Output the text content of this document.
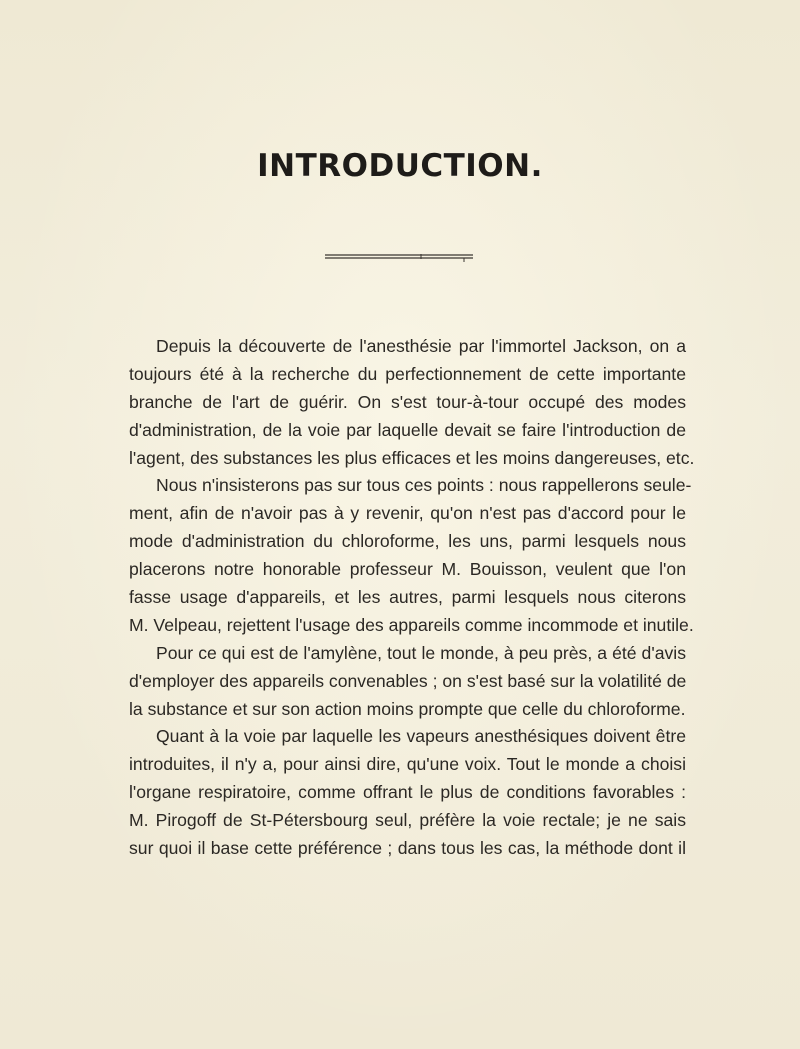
INTRODUCTION.

Depuis la découverte de l'anesthésie par l'immortel Jackson, on a
toujours été à la recherche du perfectionnement de cette importante
branche de l'art de guérir. On s'est tour-à-tour occupé des modes
d'administration, de la voie par laquelle devait se faire l'introduction de
l'agent, des substances les plus efficaces et les moins dangereuses, etc.

Nous n'insisterons pas sur tous ces points : nous rappellerons seule-
ment, afin de n'avoir pas à y revenir, qu'on n'est pas d'accord pour le
mode d'administration du chloroforme, les uns, parmi lesquels nous
placerons notre honorable professeur M. Bouisson, veulent que l'on
fasse usage d'appareils, et les autres, parmi lesquels nous citerons
M. Velpeau, rejettent l'usage des appareils comme incommode et inutile.

Pour ce qui est de l'amylène, tout le monde, à peu près, a été d'avis
d'employer des appareils convenables ; on s'est basé sur la volatilité de
la substance et sur son action moins prompte que celle du chloroforme.

Quant à la voie par laquelle les vapeurs anesthésiques doivent être
introduites, il n'y a, pour ainsi dire, qu'une voix. Tout le monde a choisi
l'organe respiratoire, comme offrant le plus de conditions favorables :
M. Pirogoff de St-Pétersbourg seul, préfère la voie rectale; je ne sais
sur quoi il base cette préférence ; dans tous les cas, la méthode dont il
